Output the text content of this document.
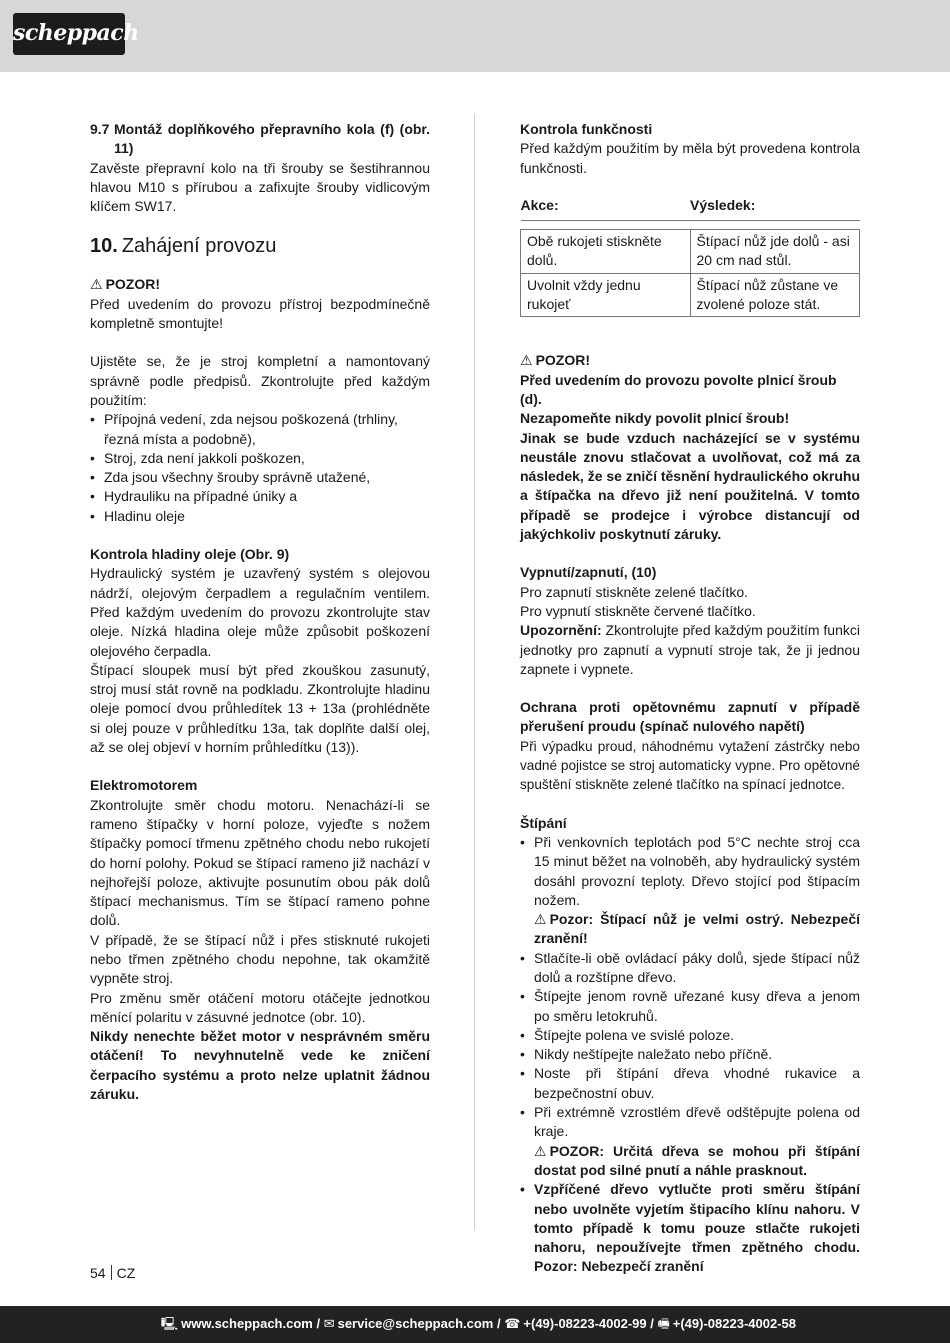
scheppach
9.7 Montáž doplňkového přepravního kola (f) (obr. 11)

Zavěste přepravní kolo na tři šrouby se šestihrannou hlavou M10 s přírubou a zafixujte šrouby vidlicovým klíčem SW17.

10. Zahájení provozu

⚠ POZOR!

Před uvedením do provozu přístroj bezpodmínečně kompletně smontujte!

Ujistěte se, že je stroj kompletní a namontovaný správně podle předpisů. Zkontrolujte před každým použitím:

• Přípojná vedení, zda nejsou poškozená (trhliny, řezná místa a podobně),
• Stroj, zda není jakkoli poškozen,
• Zda jsou všechny šrouby správně utažené,
• Hydrauliku na případné úniky a
• Hladinu oleje

Kontrola hladiny oleje (Obr. 9)

Hydraulický systém je uzavřený systém s olejovou nádrží, olejovým čerpadlem a regulačním ventilem. Před každým uvedením do provozu zkontrolujte stav oleje. Nízká hladina oleje může způsobit poškození olejového čerpadla.

Štípací sloupek musí být před zkouškou zasunutý, stroj musí stát rovně na podkladu. Zkontrolujte hladinu oleje pomocí dvou průhledítek 13 + 13a (prohlédněte si olej pouze v průhledítku 13a, tak doplňte další olej, až se olej objeví v horním průhledítku (13)).

Elektromotorem

Zkontrolujte směr chodu motoru. Nenachází-li se rameno štípačky v horní poloze, vyjeďte s nožem štípačky pomocí třmenu zpětného chodu nebo rukojetí do horní polohy. Pokud se štípací rameno již nachází v nejhořejší poloze, aktivujte posunutím obou pák dolů štípací mechanismus. Tím se štípací rameno pohne dolů.

V případě, že se štípací nůž i přes stisknuté rukojeti nebo třmen zpětného chodu nepohne, tak okamžitě vypněte stroj.

Pro změnu směr otáčení motoru otáčejte jednotkou měnící polaritu v zásuvné jednotce (obr. 10).

Nikdy nenechte běžet motor v nesprávném směru otáčení! To nevyhnutelně vede ke zničení čerpacího systému a proto nelze uplatnit žádnou záruku.

Kontrola funkčnosti

Před každým použitím by měla být provedena kontrola funkčnosti.

Akce:	Výsledek:

Obě rukojeti stiskněte dolů.	Štípací nůž jde dolů - asi 20 cm nad stůl.
Uvolnit vždy jednu rukojeť	Štípací nůž zůstane ve zvolené poloze stát.

⚠ POZOR!

Před uvedením do provozu povolte plnicí šroub (d).

Nezapomeňte nikdy povolit plnicí šroub!

Jinak se bude vzduch nacházející se v systému neustále znovu stlačovat a uvolňovat, což má za následek, že se zničí těsnění hydraulického okruhu a štípačka na dřevo již není použitelná. V tomto případě se prodejce i výrobce distancují od jakýchkoliv poskytnutí záruky.

Vypnutí/zapnutí, (10)

Pro zapnutí stiskněte zelené tlačítko.

Pro vypnutí stiskněte červené tlačítko.

Upozornění: Zkontrolujte před každým použitím funkci jednotky pro zapnutí a vypnutí stroje tak, že ji jednou zapnete i vypnete.

Ochrana proti opětovnému zapnutí v případě přerušení proudu (spínač nulového napětí)

Při výpadku proud, náhodnému vytažení zástrčky nebo vadné pojistce se stroj automaticky vypne. Pro opětovné spuštění stiskněte zelené tlačítko na spínací jednotce.

Štípání

• Při venkovních teplotách pod 5°C nechte stroj cca 15 minut běžet na volnoběh, aby hydraulický systém dosáhl provozní teploty. Dřevo stojící pod štípacím nožem.
⚠ Pozor: Štípací nůž je velmi ostrý. Nebezpečí zranění!
• Stlačíte-li obě ovládací páky dolů, sjede štípací nůž dolů a rozštípne dřevo.
• Štípejte jenom rovně uřezané kusy dřeva a jenom po směru letokruhů.
• Štípejte polena ve svislé poloze.
• Nikdy neštípejte naležato nebo příčně.
• Noste při štípání dřeva vhodné rukavice a bezpečnostní obuv.
• Při extrémně vzrostlém dřevě odštěpujte polena od kraje.
⚠ POZOR: Určitá dřeva se mohou při štípání dostat pod silné pnutí a náhle prasknout.
• Vzpříčené dřevo vytlučte proti směru štípání nebo uvolněte vyjetím štipacího klínu nahoru. V tomto případě k tomu pouze stlačte rukojeti nahoru, nepoužívejte třmen zpětného chodu. Pozor: Nebezpečí zranění
54 CZ
🖳 www.scheppach.com / ✉ service@scheppach.com / ☎ +(49)-08223-4002-99 / 🖷 +(49)-08223-4002-58
